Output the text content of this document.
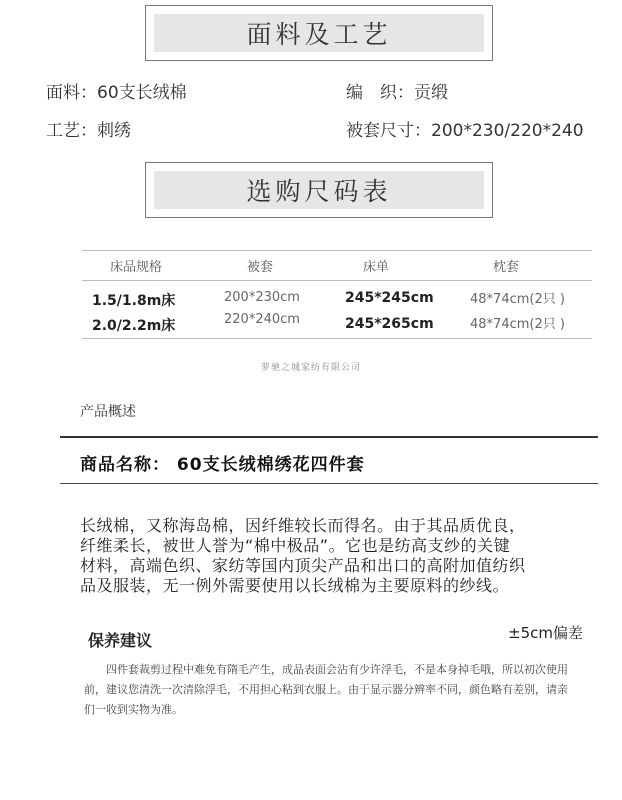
面料及工艺
面料：60支长绒棉	编　织：贡缎
工艺：刺绣	被套尺寸：200*230/220*240
选购尺码表
床品规格	被套	床单	枕套
1.5/1.8m床	200*230cm	245*245cm	48*74cm(2只 )
2.0/2.2m床	220*240cm	245*265cm	48*74cm(2只 )
萝驰之城家纺有限公司
产品概述
商品名称： 60支长绒棉绣花四件套
长绒棉，又称海岛棉，因纤维较长而得名。由于其品质优良，
纤维柔长，被世人誉为“棉中极品”。它也是纺高支纱的关键
材料，高端色织、家纺等国内顶尖产品和出口的高附加值纺织
品及服装，无一例外需要使用以长绒棉为主要原料的纱线。
保养建议	±5cm偏差
四件套裁剪过程中难免有隋毛产生，成品表面会沾有少许浮毛，不是本身掉毛哦，所以初次使用
前，建议您清洗一次清除浮毛，不用担心粘到衣服上。由于显示器分辨率不同，颜色略有差别，请亲
们一收到实物为准。
